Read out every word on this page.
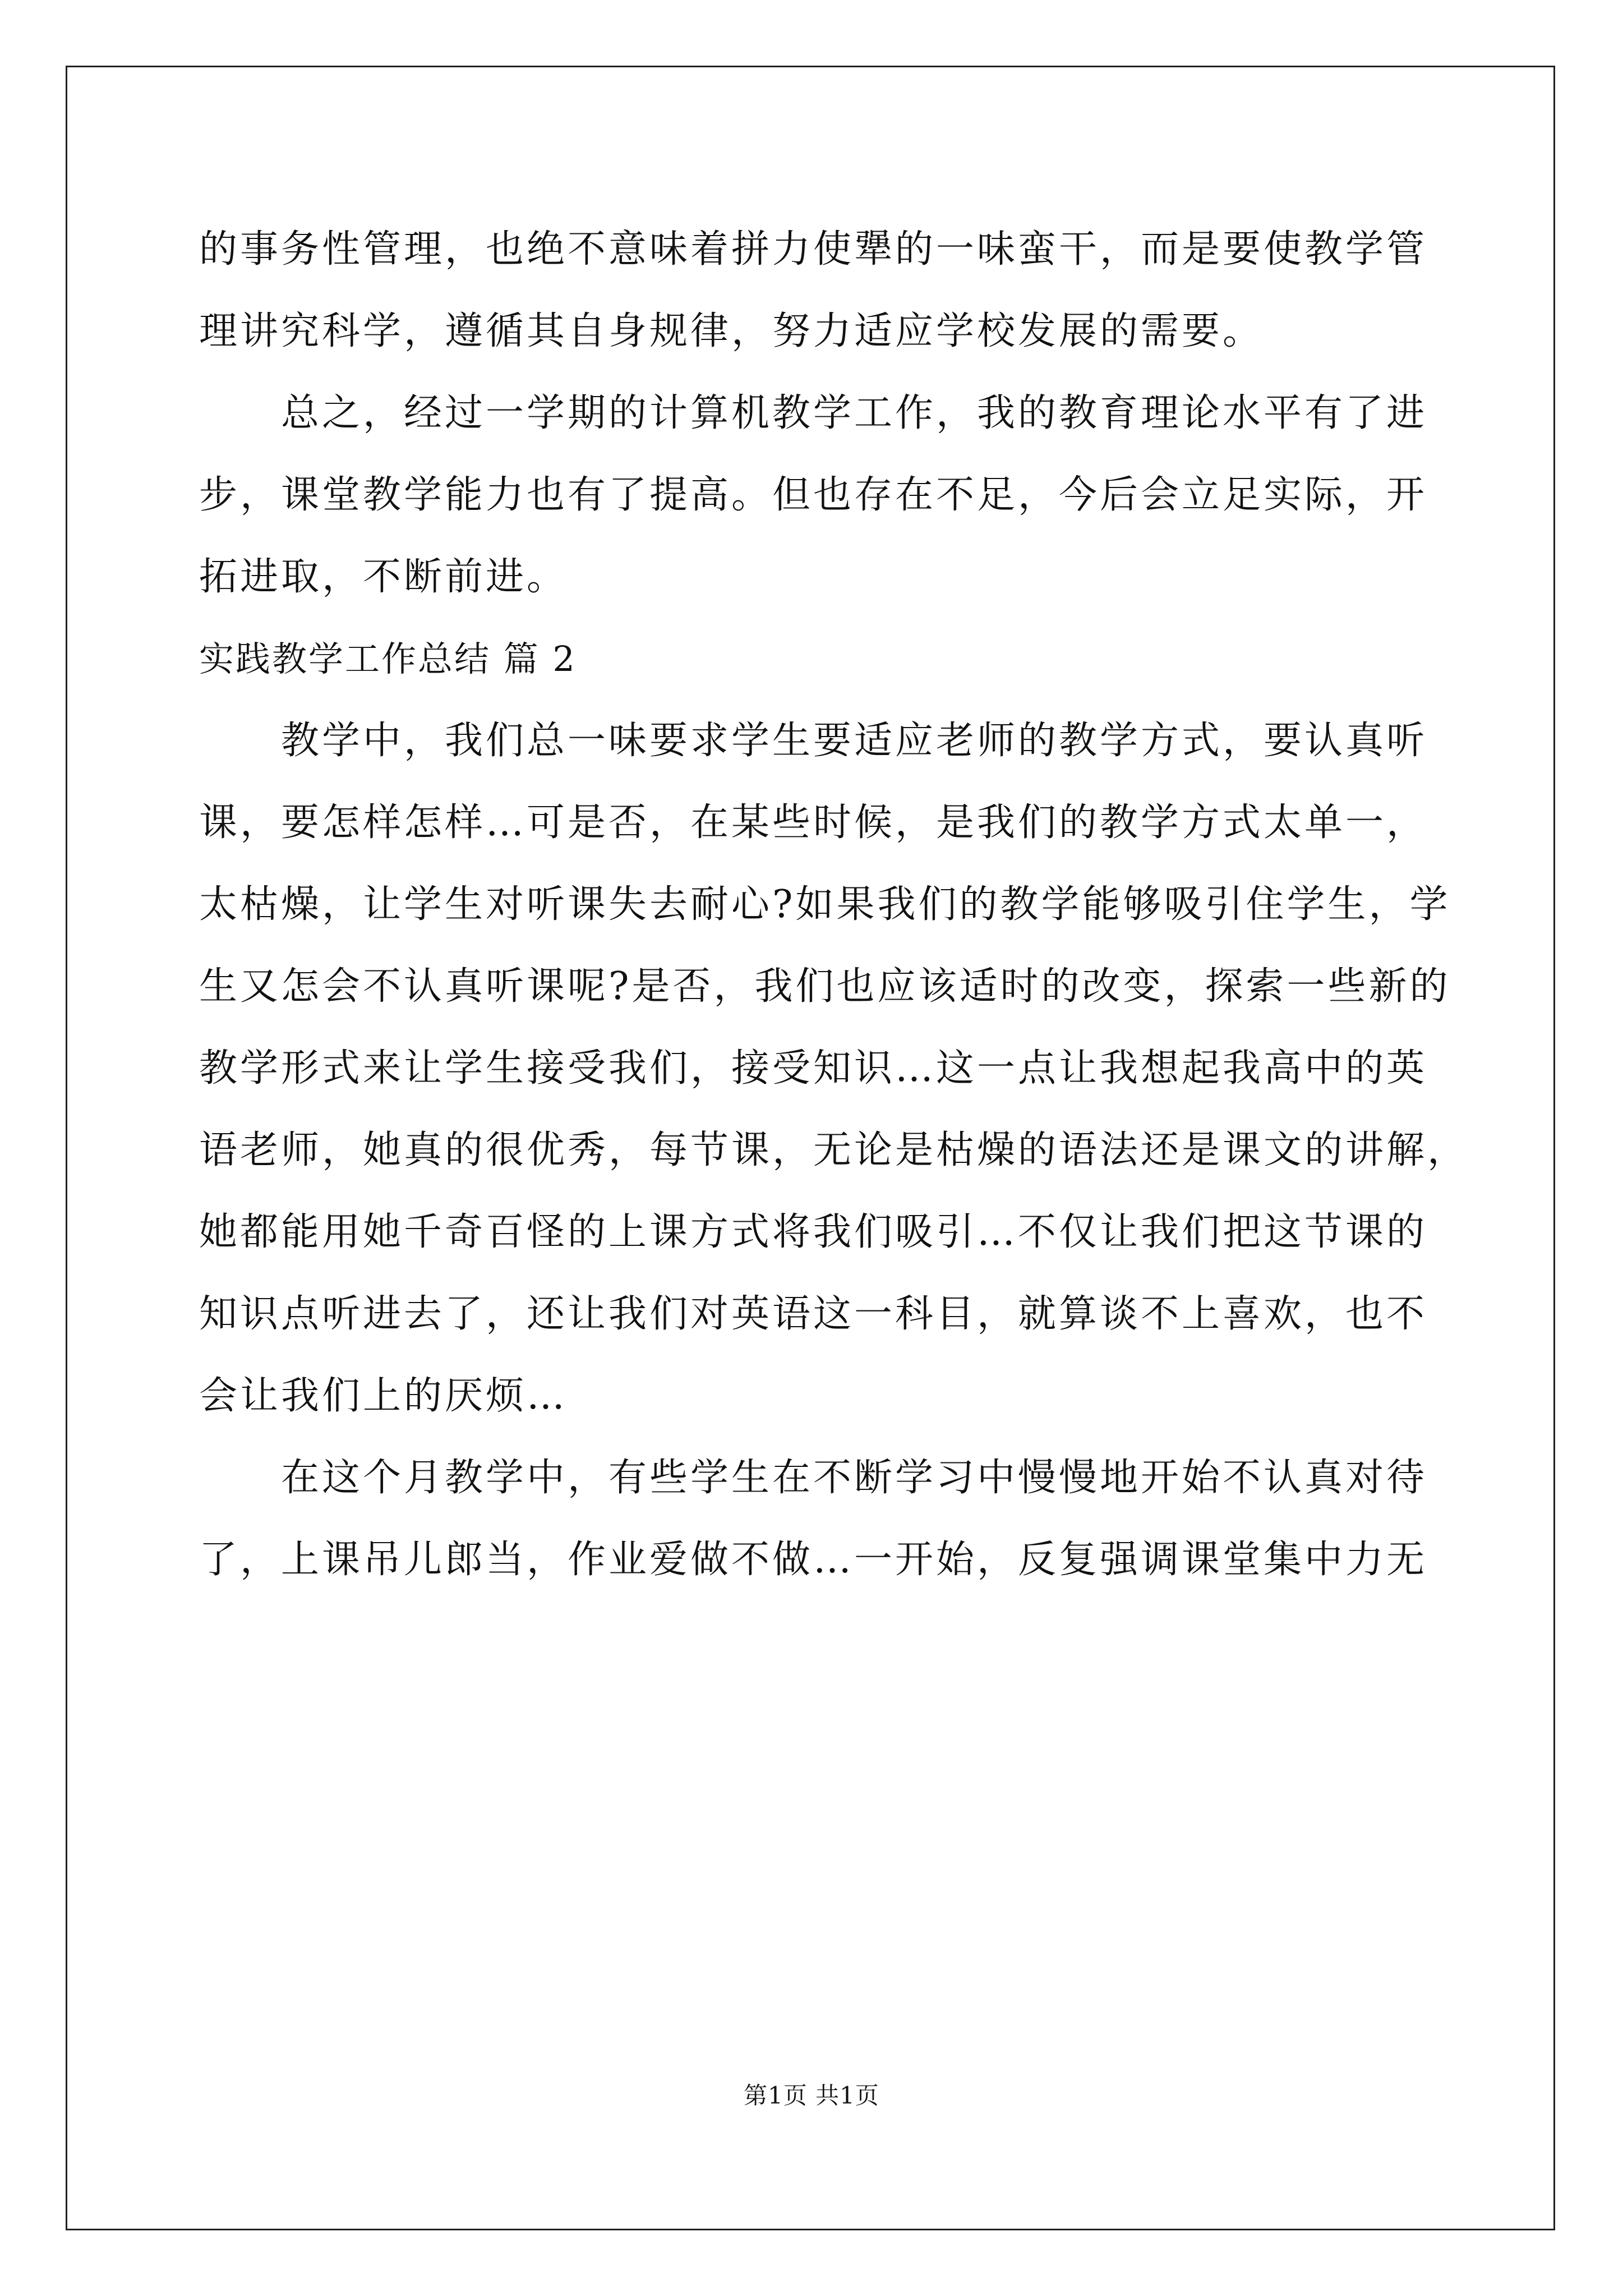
的事务性管理，也绝不意味着拼力使犟的一味蛮干，而是要使教学管
理讲究科学，遵循其自身规律，努力适应学校发展的需要。
总之，经过一学期的计算机教学工作，我的教育理论水平有了进
步，课堂教学能力也有了提高。但也存在不足，今后会立足实际，开
拓进取，不断前进。
实践教学工作总结 篇 2
教学中，我们总一味要求学生要适应老师的教学方式，要认真听
课，要怎样怎样…可是否，在某些时候，是我们的教学方式太单一，
太枯燥，让学生对听课失去耐心?如果我们的教学能够吸引住学生，学
生又怎会不认真听课呢?是否，我们也应该适时的改变，探索一些新的
教学形式来让学生接受我们，接受知识…这一点让我想起我高中的英
语老师，她真的很优秀，每节课，无论是枯燥的语法还是课文的讲解，
她都能用她千奇百怪的上课方式将我们吸引…不仅让我们把这节课的
知识点听进去了，还让我们对英语这一科目，就算谈不上喜欢，也不
会让我们上的厌烦…
在这个月教学中，有些学生在不断学习中慢慢地开始不认真对待
了，上课吊儿郎当，作业爱做不做…一开始，反复强调课堂集中力无
第1页 共1页
